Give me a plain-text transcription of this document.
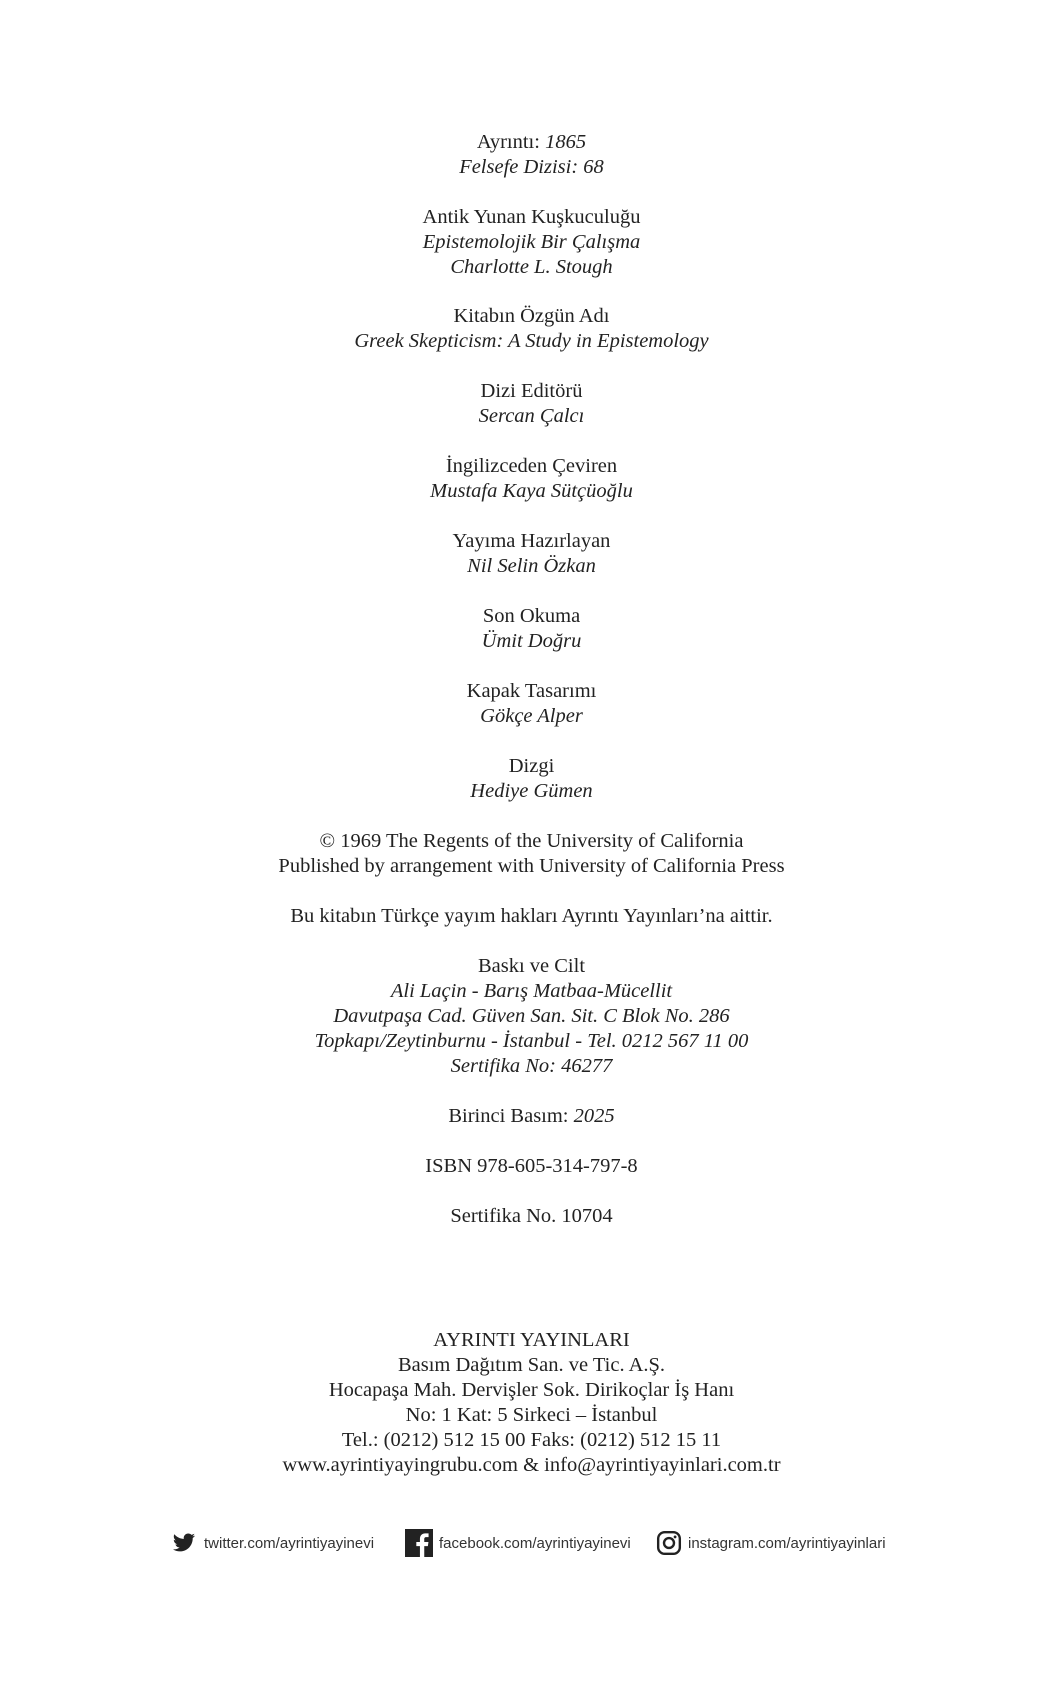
Ayrıntı: 1865
Felsefe Dizisi: 68
Antik Yunan Kuşkuculuğu
Epistemolojik Bir Çalışma
Charlotte L. Stough
Kitabın Özgün Adı
Greek Skepticism: A Study in Epistemology
Dizi Editörü
Sercan Çalcı
İngilizceden Çeviren
Mustafa Kaya Sütçüoğlu
Yayıma Hazırlayan
Nil Selin Özkan
Son Okuma
Ümit Doğru
Kapak Tasarımı
Gökçe Alper
Dizgi
Hediye Gümen
© 1969 The Regents of the University of California
Published by arrangement with University of California Press
Bu kitabın Türkçe yayım hakları Ayrıntı Yayınları’na aittir.
Baskı ve Cilt
Ali Laçin - Barış Matbaa-Mücellit
Davutpaşa Cad. Güven San. Sit. C Blok No. 286
Topkapı/Zeytinburnu - İstanbul - Tel. 0212 567 11 00
Sertifika No: 46277
Birinci Basım: 2025
ISBN 978-605-314-797-8
Sertifika No. 10704
AYRINTI YAYINLARI
Basım Dağıtım San. ve Tic. A.Ş.
Hocapaşa Mah. Dervişler Sok. Dirikoçlar İş Hanı
No: 1 Kat: 5 Sirkeci – İstanbul
Tel.: (0212) 512 15 00 Faks: (0212) 512 15 11
www.ayrintiyayingrubu.com & info@ayrintiyayinlari.com.tr
twitter.com/ayrintiyayinevi	facebook.com/ayrintiyayinevi	instagram.com/ayrintiyayinlari
